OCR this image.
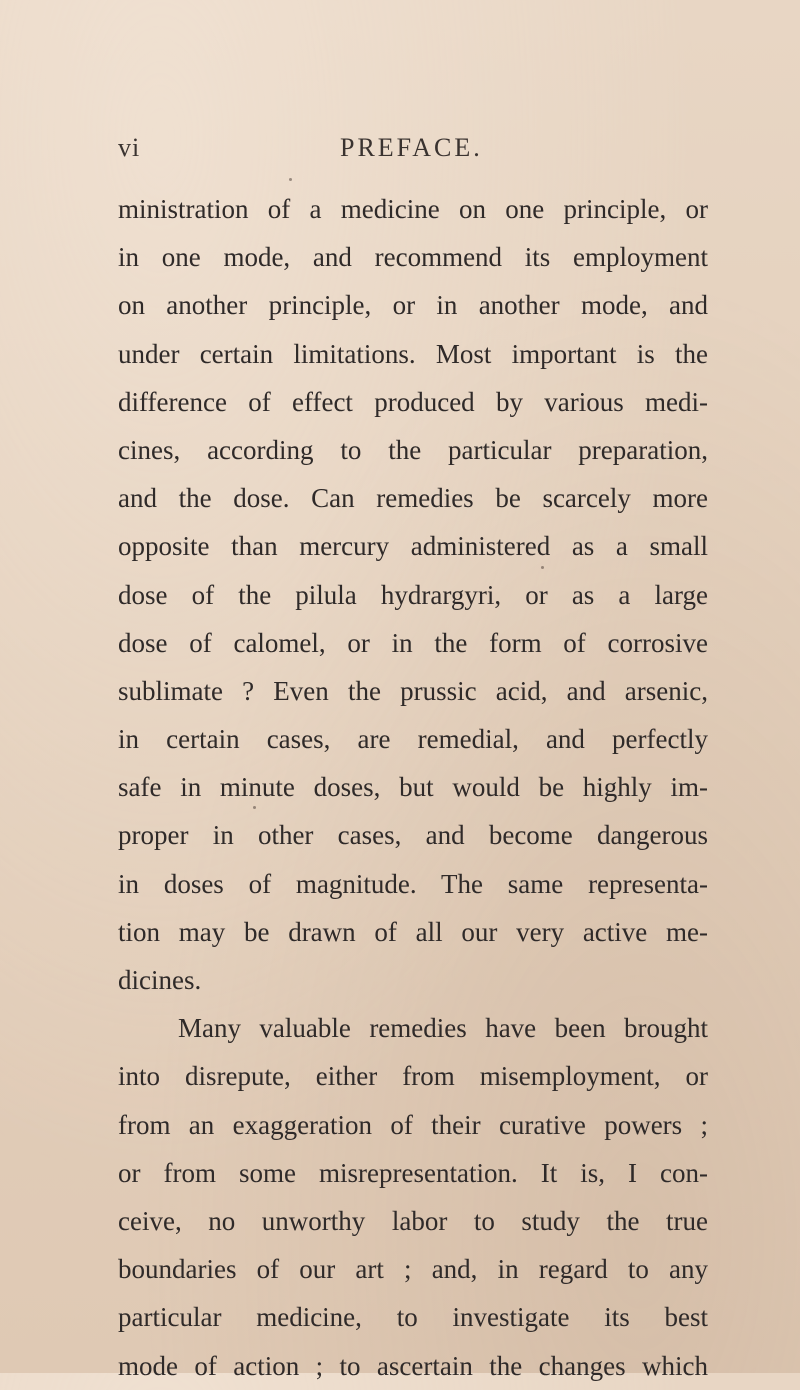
vi	PREFACE.
ministration of a medicine on one principle, or
in one mode, and recommend its employment
on another principle, or in another mode, and
under certain limitations. Most important is the
difference of effect produced by various medi-
cines, according to the particular preparation,
and the dose. Can remedies be scarcely more
opposite than mercury administered as a small
dose of the pilula hydrargyri, or as a large
dose of calomel, or in the form of corrosive
sublimate ? Even the prussic acid, and arsenic,
in certain cases, are remedial, and perfectly
safe in minute doses, but would be highly im-
proper in other cases, and become dangerous
in doses of magnitude. The same representa-
tion may be drawn of all our very active me-
dicines.
Many valuable remedies have been brought
into disrepute, either from misemployment, or
from an exaggeration of their curative powers ;
or from some misrepresentation. It is, I con-
ceive, no unworthy labor to study the true
boundaries of our art ; and, in regard to any
particular medicine, to investigate its best
mode of action ; to ascertain the changes which
